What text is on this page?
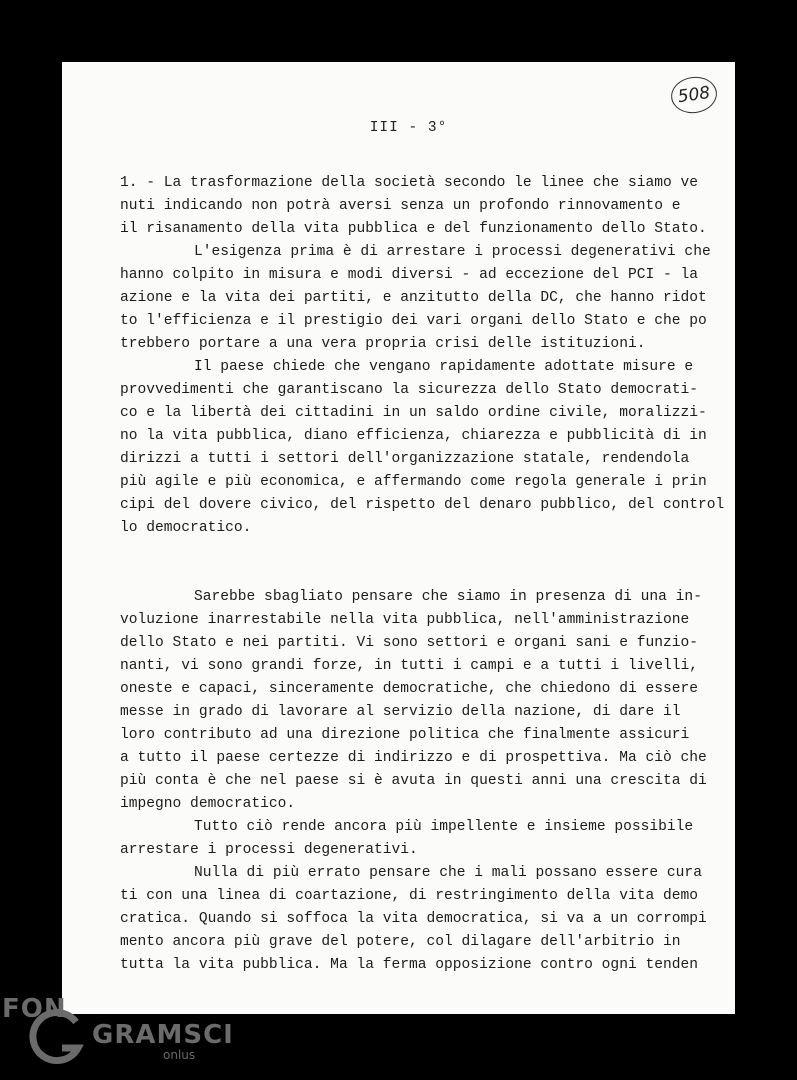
508
III - 3°
1. - La trasformazione della società secondo le linee che siamo ve
nuti indicando non potrà aversi senza un profondo rinnovamento e
il risanamento della vita pubblica e del funzionamento dello Stato.
L'esigenza prima è di arrestare i processi degenerativi che
hanno colpito in misura e modi diversi - ad eccezione del PCI - la
azione e la vita dei partiti, e anzitutto della DC, che hanno ridot
to l'efficienza e il prestigio dei vari organi dello Stato e che po
trebbero portare a una vera propria crisi delle istituzioni.
Il paese chiede che vengano rapidamente adottate misure e
provvedimenti che garantiscano la sicurezza dello Stato democrati-
co e la libertà dei cittadini in un saldo ordine civile, moralizzi-
no la vita pubblica, diano efficienza, chiarezza e pubblicità di in
dirizzi a tutti i settori dell'organizzazione statale, rendendola
più agile e più economica, e affermando come regola generale i prin
cipi del dovere civico, del rispetto del denaro pubblico, del control
lo democratico.
Sarebbe sbagliato pensare che siamo in presenza di una in-
voluzione inarrestabile nella vita pubblica, nell'amministrazione
dello Stato e nei partiti. Vi sono settori e organi sani e funzio-
nanti, vi sono grandi forze, in tutti i campi e a tutti i livelli,
oneste e capaci, sinceramente democratiche, che chiedono di essere
messe in grado di lavorare al servizio della nazione, di dare il
loro contributo ad una direzione politica che finalmente assicuri
a tutto il paese certezze di indirizzo e di prospettiva. Ma ciò che
più conta è che nel paese si è avuta in questi anni una crescita di
impegno democratico.
Tutto ciò rende ancora più impellente e insieme possibile
arrestare i processi degenerativi.
Nulla di più errato pensare che i mali possano essere cura
ti con una linea di coartazione, di restringimento della vita demo
cratica. Quando si soffoca la vita democratica, si va a un corrompi
mento ancora più grave del potere, col dilagare dell'arbitrio in
tutta la vita pubblica. Ma la ferma opposizione contro ogni tenden
FON
GRAMSCI
onlus
